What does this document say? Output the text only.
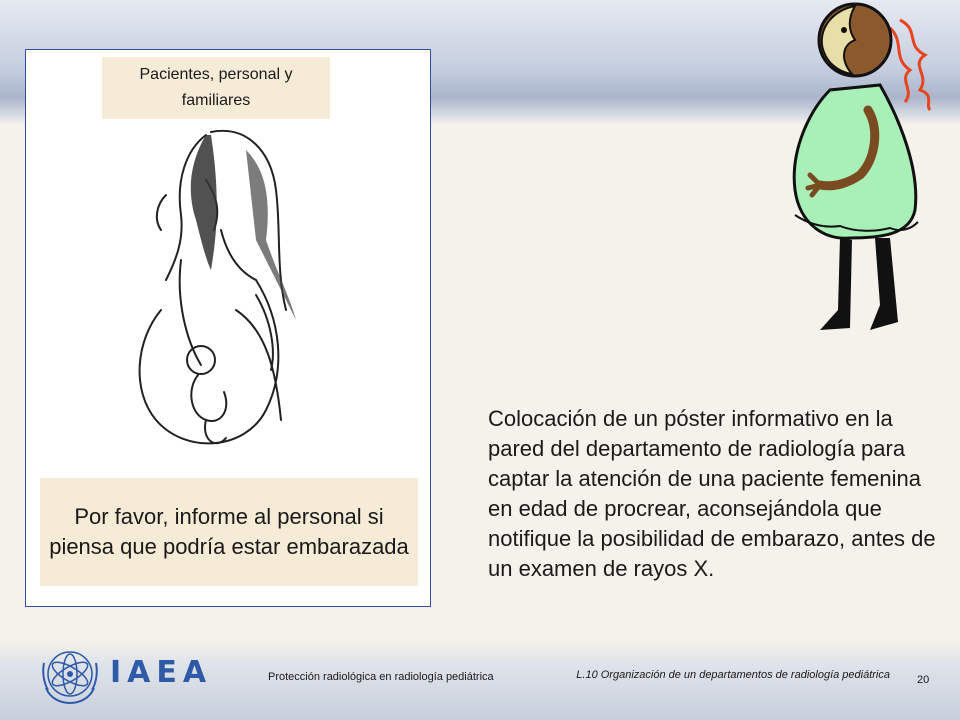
Pacientes, personal y familiares
Por favor, informe al personal si piensa que podría estar embarazada
Colocación de un póster informativo en la pared del departamento de radiología para captar la atención de una paciente femenina en edad de procrear, aconsejándola que notifique la posibilidad de embarazo, antes de un examen de rayos X.
IAEA	Protección radiológica en radiología pediátrica	L.10 Organización de un departamentos de radiología pediátrica 20
